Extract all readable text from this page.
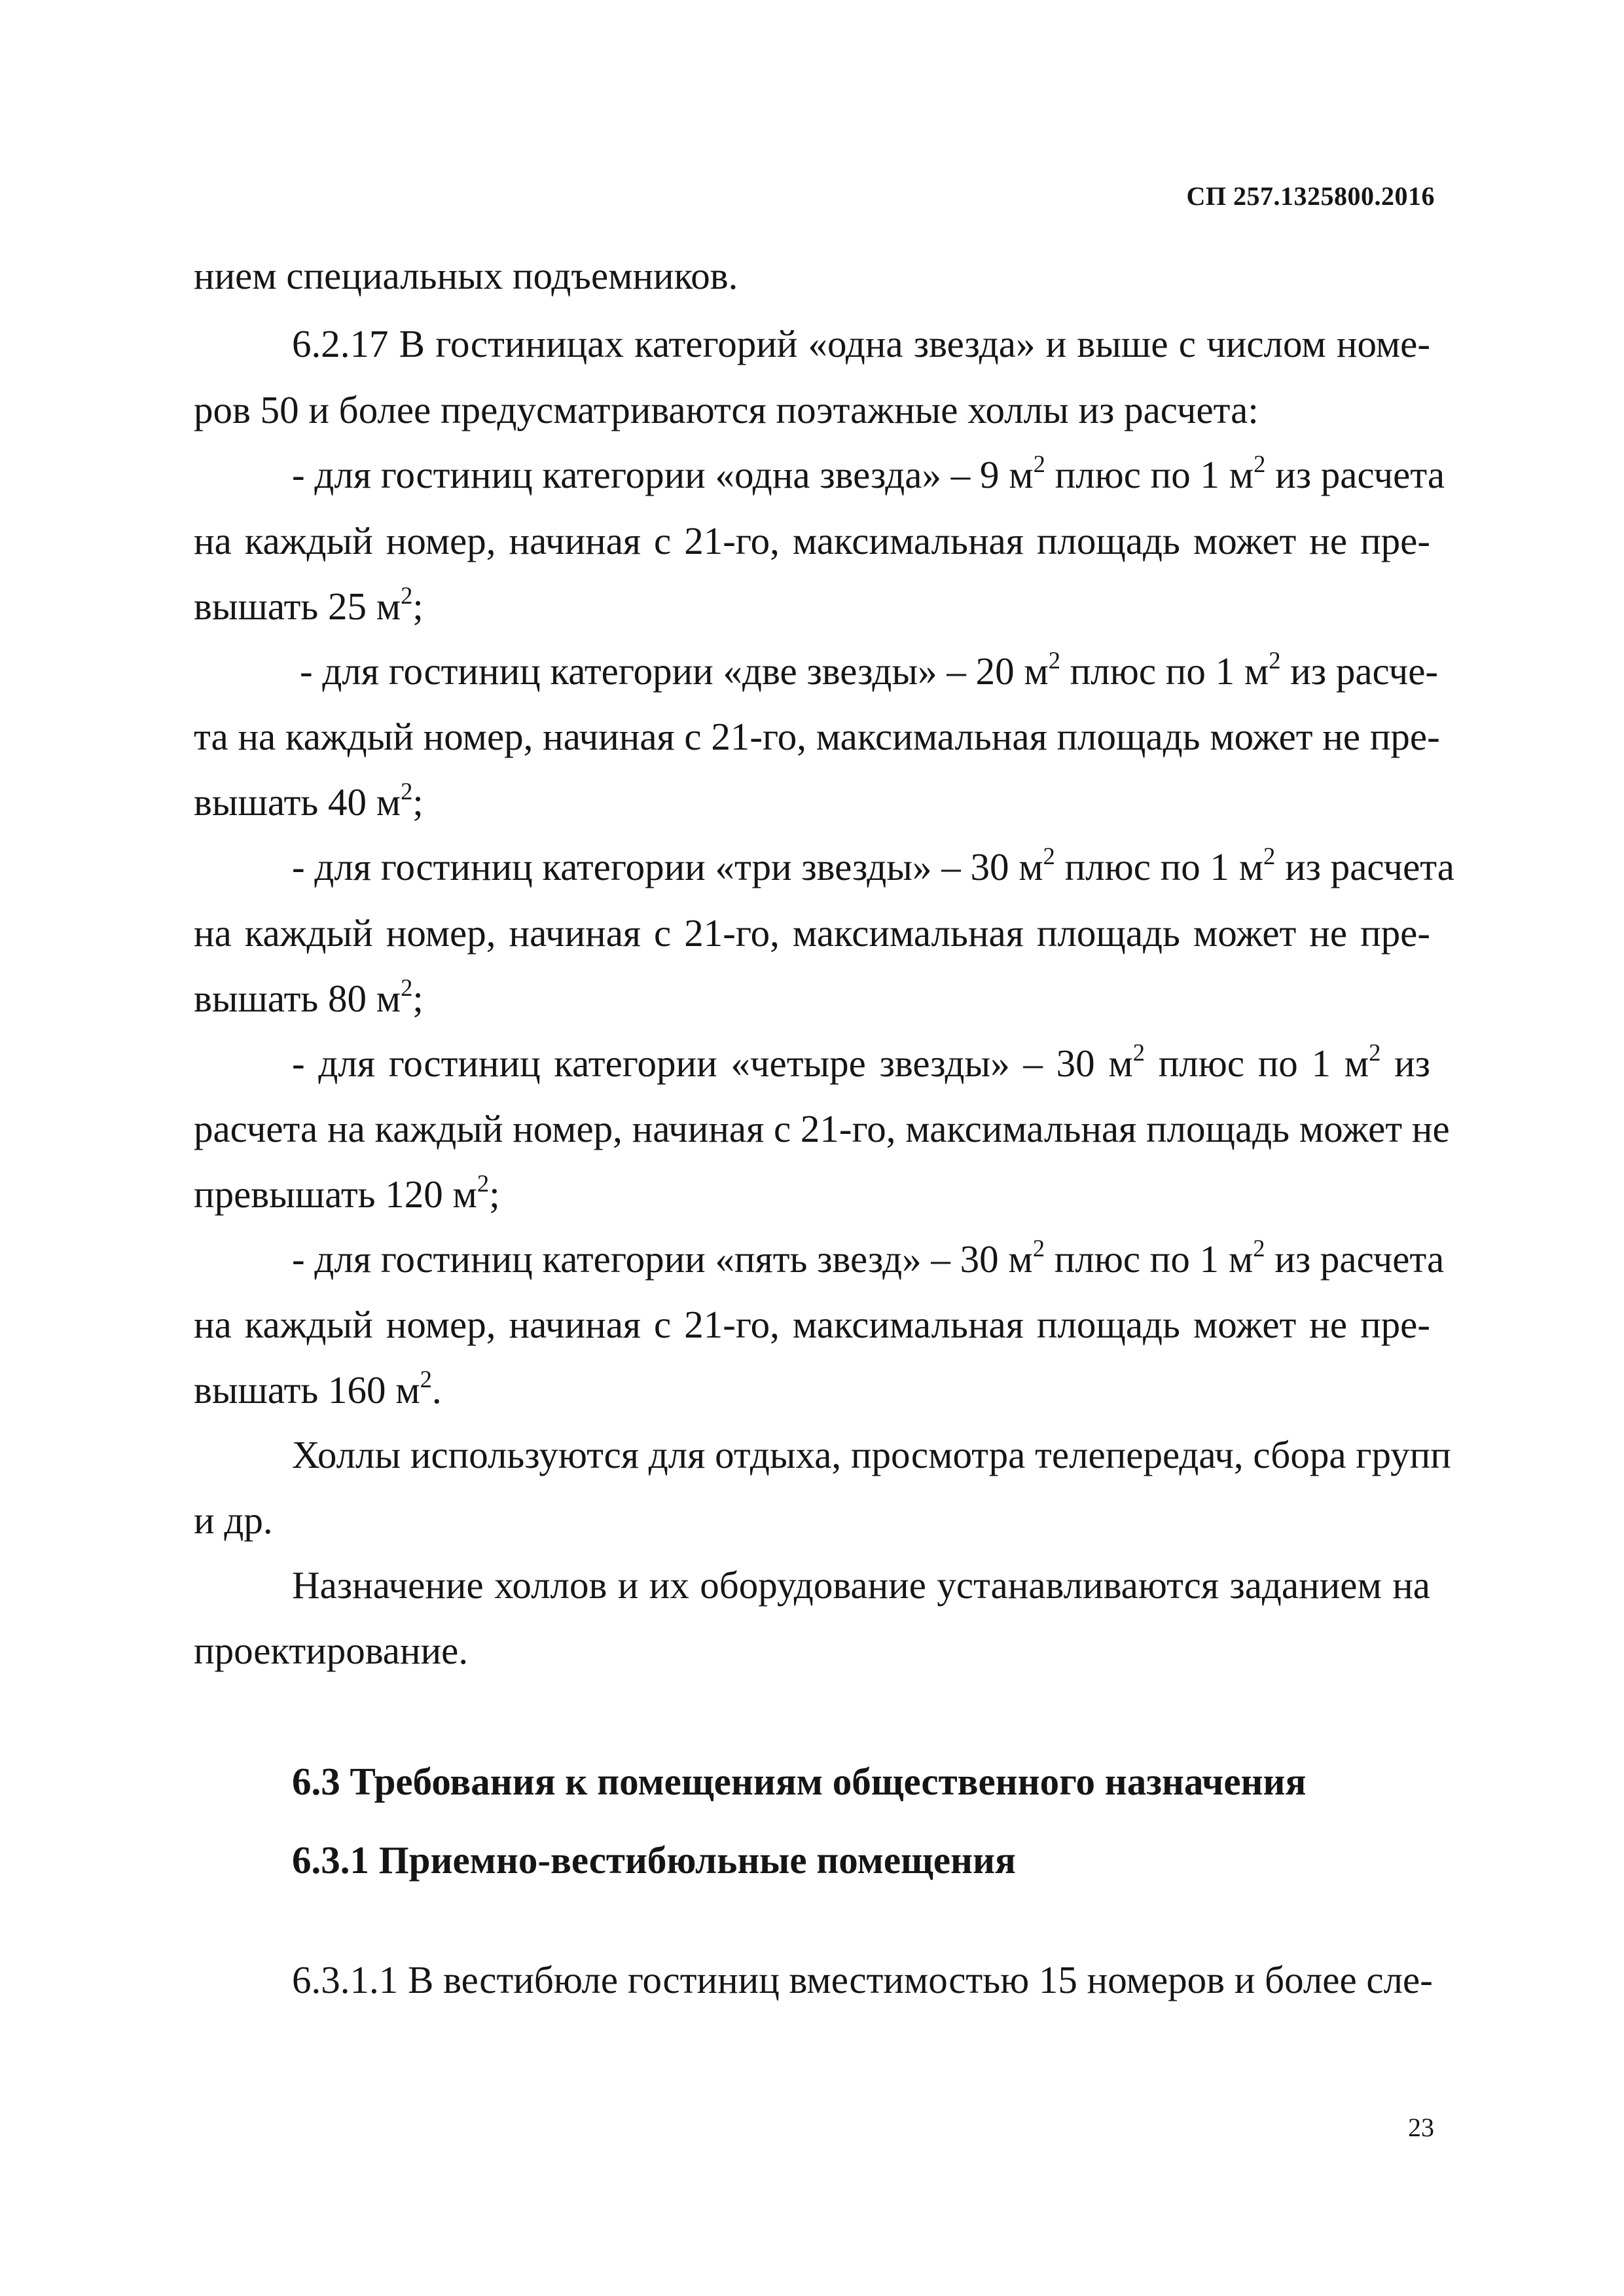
СП 257.1325800.2016
нием специальных подъемников.
6.2.17 В гостиницах категорий «одна звезда» и выше с числом номе-
ров 50 и более предусматриваются поэтажные холлы из расчета:
- для гостиниц категории «одна звезда» – 9 $м^2$ плюс по 1 $м^2$ из расчета
на каждый номер, начиная с 21-го, максимальная площадь может не пре-
вышать 25 $м^2$;
- для гостиниц категории «две звезды» – 20 $м^2$ плюс по 1 $м^2$ из расче-
та на каждый номер, начиная с 21-го, максимальная площадь может не пре-
вышать 40 $м^2$;
- для гостиниц категории «три звезды» – 30 $м^2$ плюс по 1 $м^2$ из расчета
на каждый номер, начиная с 21-го, максимальная площадь может не пре-
вышать 80 $м^2$;
- для гостиниц категории «четыре звезды» – 30 $м^2$ плюс по 1 $м^2$ из
расчета на каждый номер, начиная с 21-го, максимальная площадь может не
превышать 120 $м^2$;
- для гостиниц категории «пять звезд» – 30 $м^2$ плюс по 1 $м^2$ из расчета
на каждый номер, начиная с 21-го, максимальная площадь может не пре-
вышать 160 $м^2$.
Холлы используются для отдыха, просмотра телепередач, сбора групп
и др.
Назначение холлов и их оборудование устанавливаются заданием на
проектирование.
6.3 Требования к помещениям общественного назначения
6.3.1 Приемно-вестибюльные помещения
6.3.1.1 В вестибюле гостиниц вместимостью 15 номеров и более сле-
23
